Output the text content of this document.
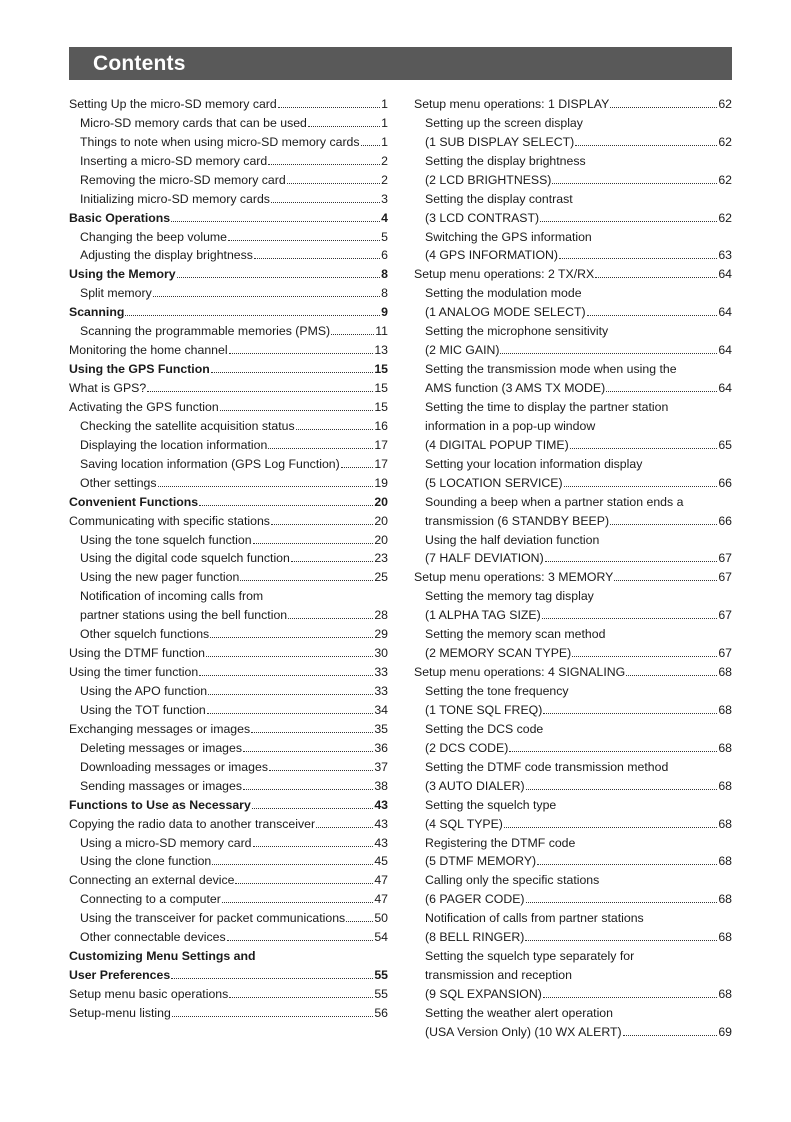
Contents
Setting Up the micro-SD memory card	1
Micro-SD memory cards that can be used	1
Things to note when using micro-SD memory cards 1
Inserting a micro-SD memory card	2
Removing the micro-SD memory card	2
Initializing micro-SD memory cards	3
Basic Operations	4
Changing the beep volume	5
Adjusting the display brightness	6
Using the Memory	8
Split memory	8
Scanning	9
Scanning the programmable memories (PMS)	11
Monitoring the home channel	13
Using the GPS Function	15
What is GPS?	15
Activating the GPS function	15
Checking the satellite acquisition status	16
Displaying the location information	17
Saving location information (GPS Log Function)	17
Other settings	19
Convenient Functions	20
Communicating with specific stations	20
Using the tone squelch function	20
Using the digital code squelch function	23
Using the new pager function	25
Notification of incoming calls from
partner stations using the bell function	28
Other squelch functions	29
Using the DTMF function	30
Using the timer function	33
Using the APO function	33
Using the TOT function	34
Exchanging messages or images	35
Deleting messages or images	36
Downloading messages or images	37
Sending massages or images	38
Functions to Use as Necessary	43
Copying the radio data to another transceiver	43
Using a micro-SD memory card	43
Using the clone function	45
Connecting an external device	47
Connecting to a computer	47
Using the transceiver for packet communications 50
Other connectable devices	54
Customizing Menu Settings and
User Preferences	55
Setup menu basic operations	55
Setup-menu listing	56
Setup menu operations: 1 DISPLAY	62
Setting up the screen display
(1 SUB DISPLAY SELECT)	62
Setting the display brightness
(2 LCD BRIGHTNESS)	62
Setting the display contrast
(3 LCD CONTRAST)	62
Switching the GPS information
(4 GPS INFORMATION)	63
Setup menu operations: 2 TX/RX	64
Setting the modulation mode
(1 ANALOG MODE SELECT)	64
Setting the microphone sensitivity
(2 MIC GAIN)	64
Setting the transmission mode when using the
AMS function (3 AMS TX MODE)	64
Setting the time to display the partner station
information in a pop-up window
(4 DIGITAL POPUP TIME)	65
Setting your location information display
(5 LOCATION SERVICE)	66
Sounding a beep when a partner station ends a
transmission (6 STANDBY BEEP)	66
Using the half deviation function
(7 HALF DEVIATION)	67
Setup menu operations: 3 MEMORY	67
Setting the memory tag display
(1 ALPHA TAG SIZE)	67
Setting the memory scan method
(2 MEMORY SCAN TYPE)	67
Setup menu operations: 4 SIGNALING	68
Setting the tone frequency
(1 TONE SQL FREQ)	68
Setting the DCS code
(2 DCS CODE)	68
Setting the DTMF code transmission method
(3 AUTO DIALER)	68
Setting the squelch type
(4 SQL TYPE)	68
Registering the DTMF code
(5 DTMF MEMORY)	68
Calling only the specific stations
(6 PAGER CODE)	68
Notification of calls from partner stations
(8 BELL RINGER)	68
Setting the squelch type separately for
transmission and reception
(9 SQL EXPANSION)	68
Setting the weather alert operation
(USA Version Only) (10 WX ALERT)	69
